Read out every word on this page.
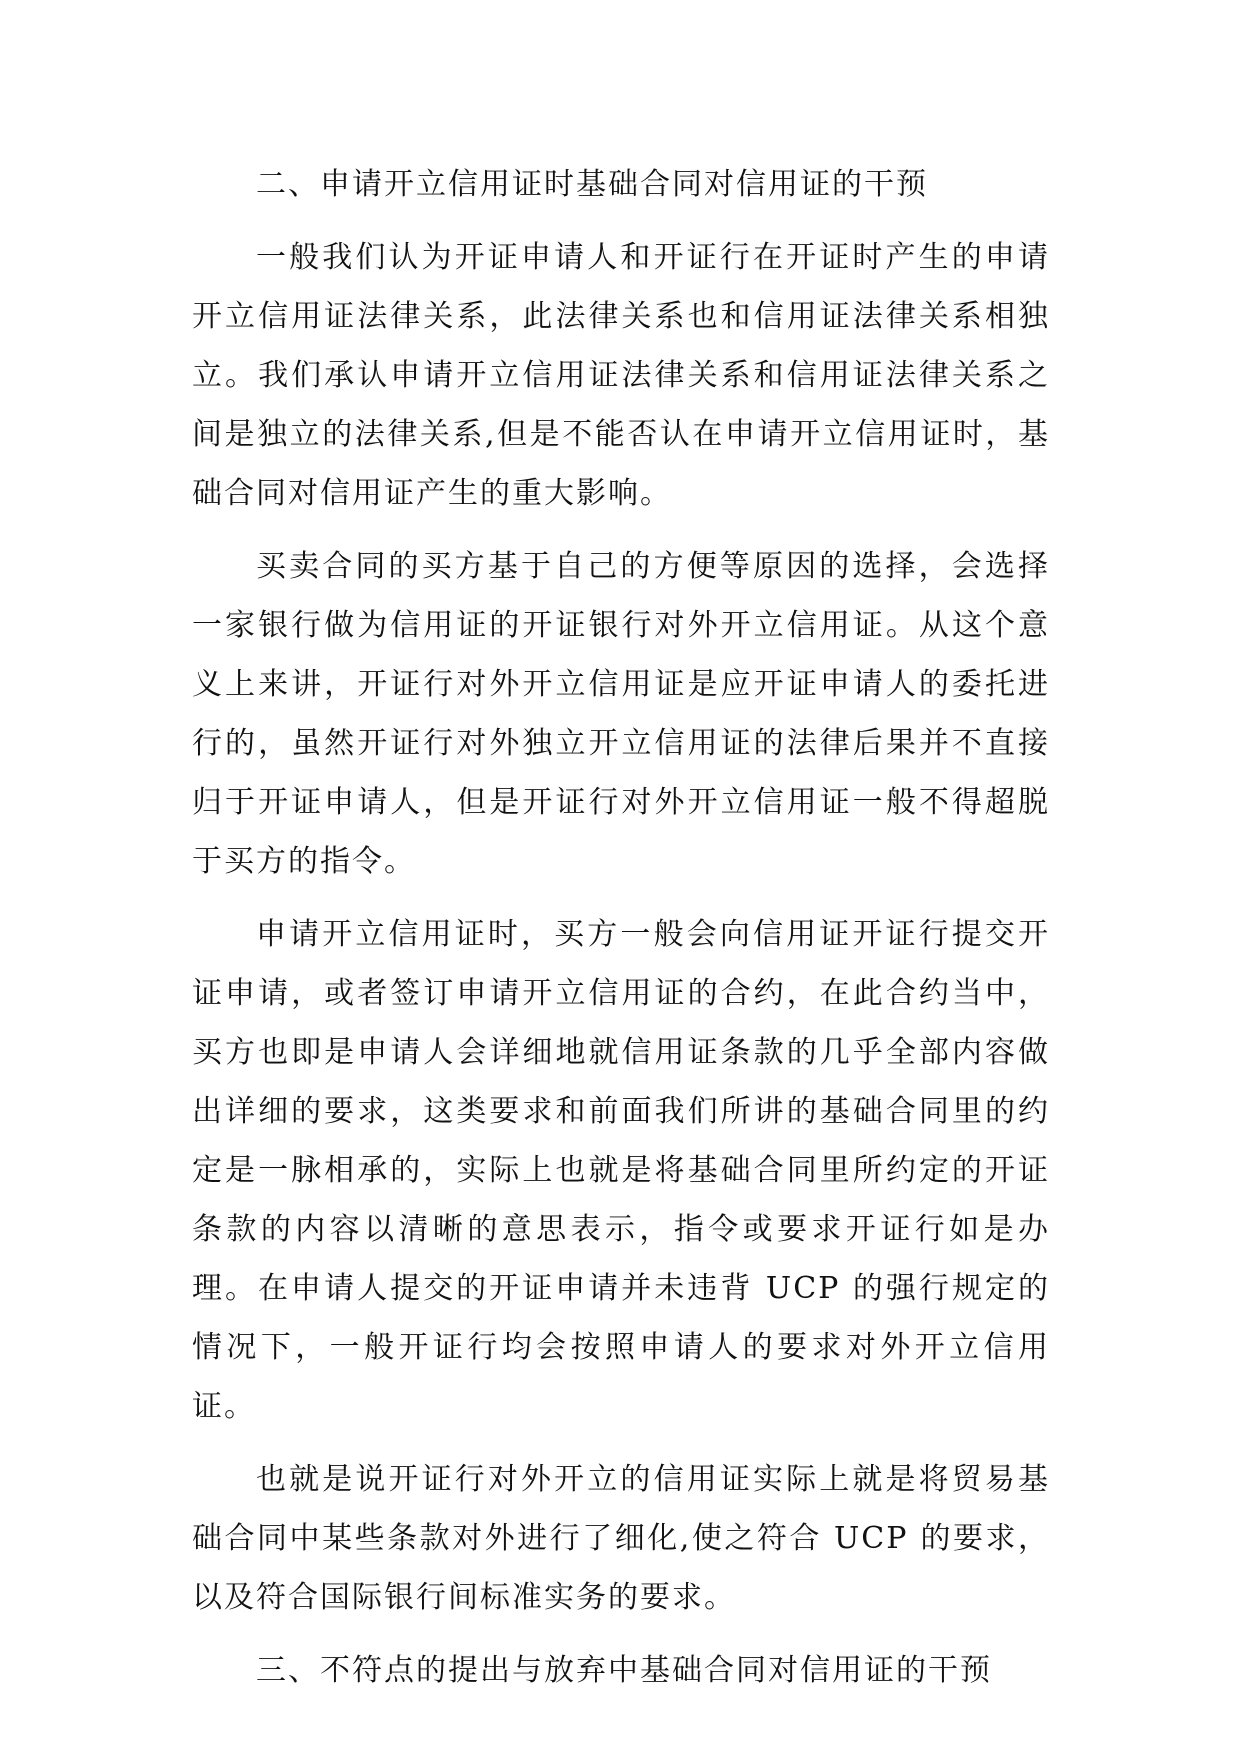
二、申请开立信用证时基础合同对信用证的干预

一般我们认为开证申请人和开证行在开证时产生的申请开立信用证法律关系，此法律关系也和信用证法律关系相独立。我们承认申请开立信用证法律关系和信用证法律关系之间是独立的法律关系,但是不能否认在申请开立信用证时，基础合同对信用证产生的重大影响。

买卖合同的买方基于自己的方便等原因的选择，会选择一家银行做为信用证的开证银行对外开立信用证。从这个意义上来讲，开证行对外开立信用证是应开证申请人的委托进行的，虽然开证行对外独立开立信用证的法律后果并不直接归于开证申请人，但是开证行对外开立信用证一般不得超脱于买方的指令。

申请开立信用证时，买方一般会向信用证开证行提交开证申请，或者签订申请开立信用证的合约，在此合约当中，买方也即是申请人会详细地就信用证条款的几乎全部内容做出详细的要求，这类要求和前面我们所讲的基础合同里的约定是一脉相承的，实际上也就是将基础合同里所约定的开证条款的内容以清晰的意思表示，指令或要求开证行如是办理。在申请人提交的开证申请并未违背 UCP 的强行规定的情况下，一般开证行均会按照申请人的要求对外开立信用证。

也就是说开证行对外开立的信用证实际上就是将贸易基础合同中某些条款对外进行了细化,使之符合 UCP 的要求，以及符合国际银行间标准实务的要求。

三、不符点的提出与放弃中基础合同对信用证的干预
